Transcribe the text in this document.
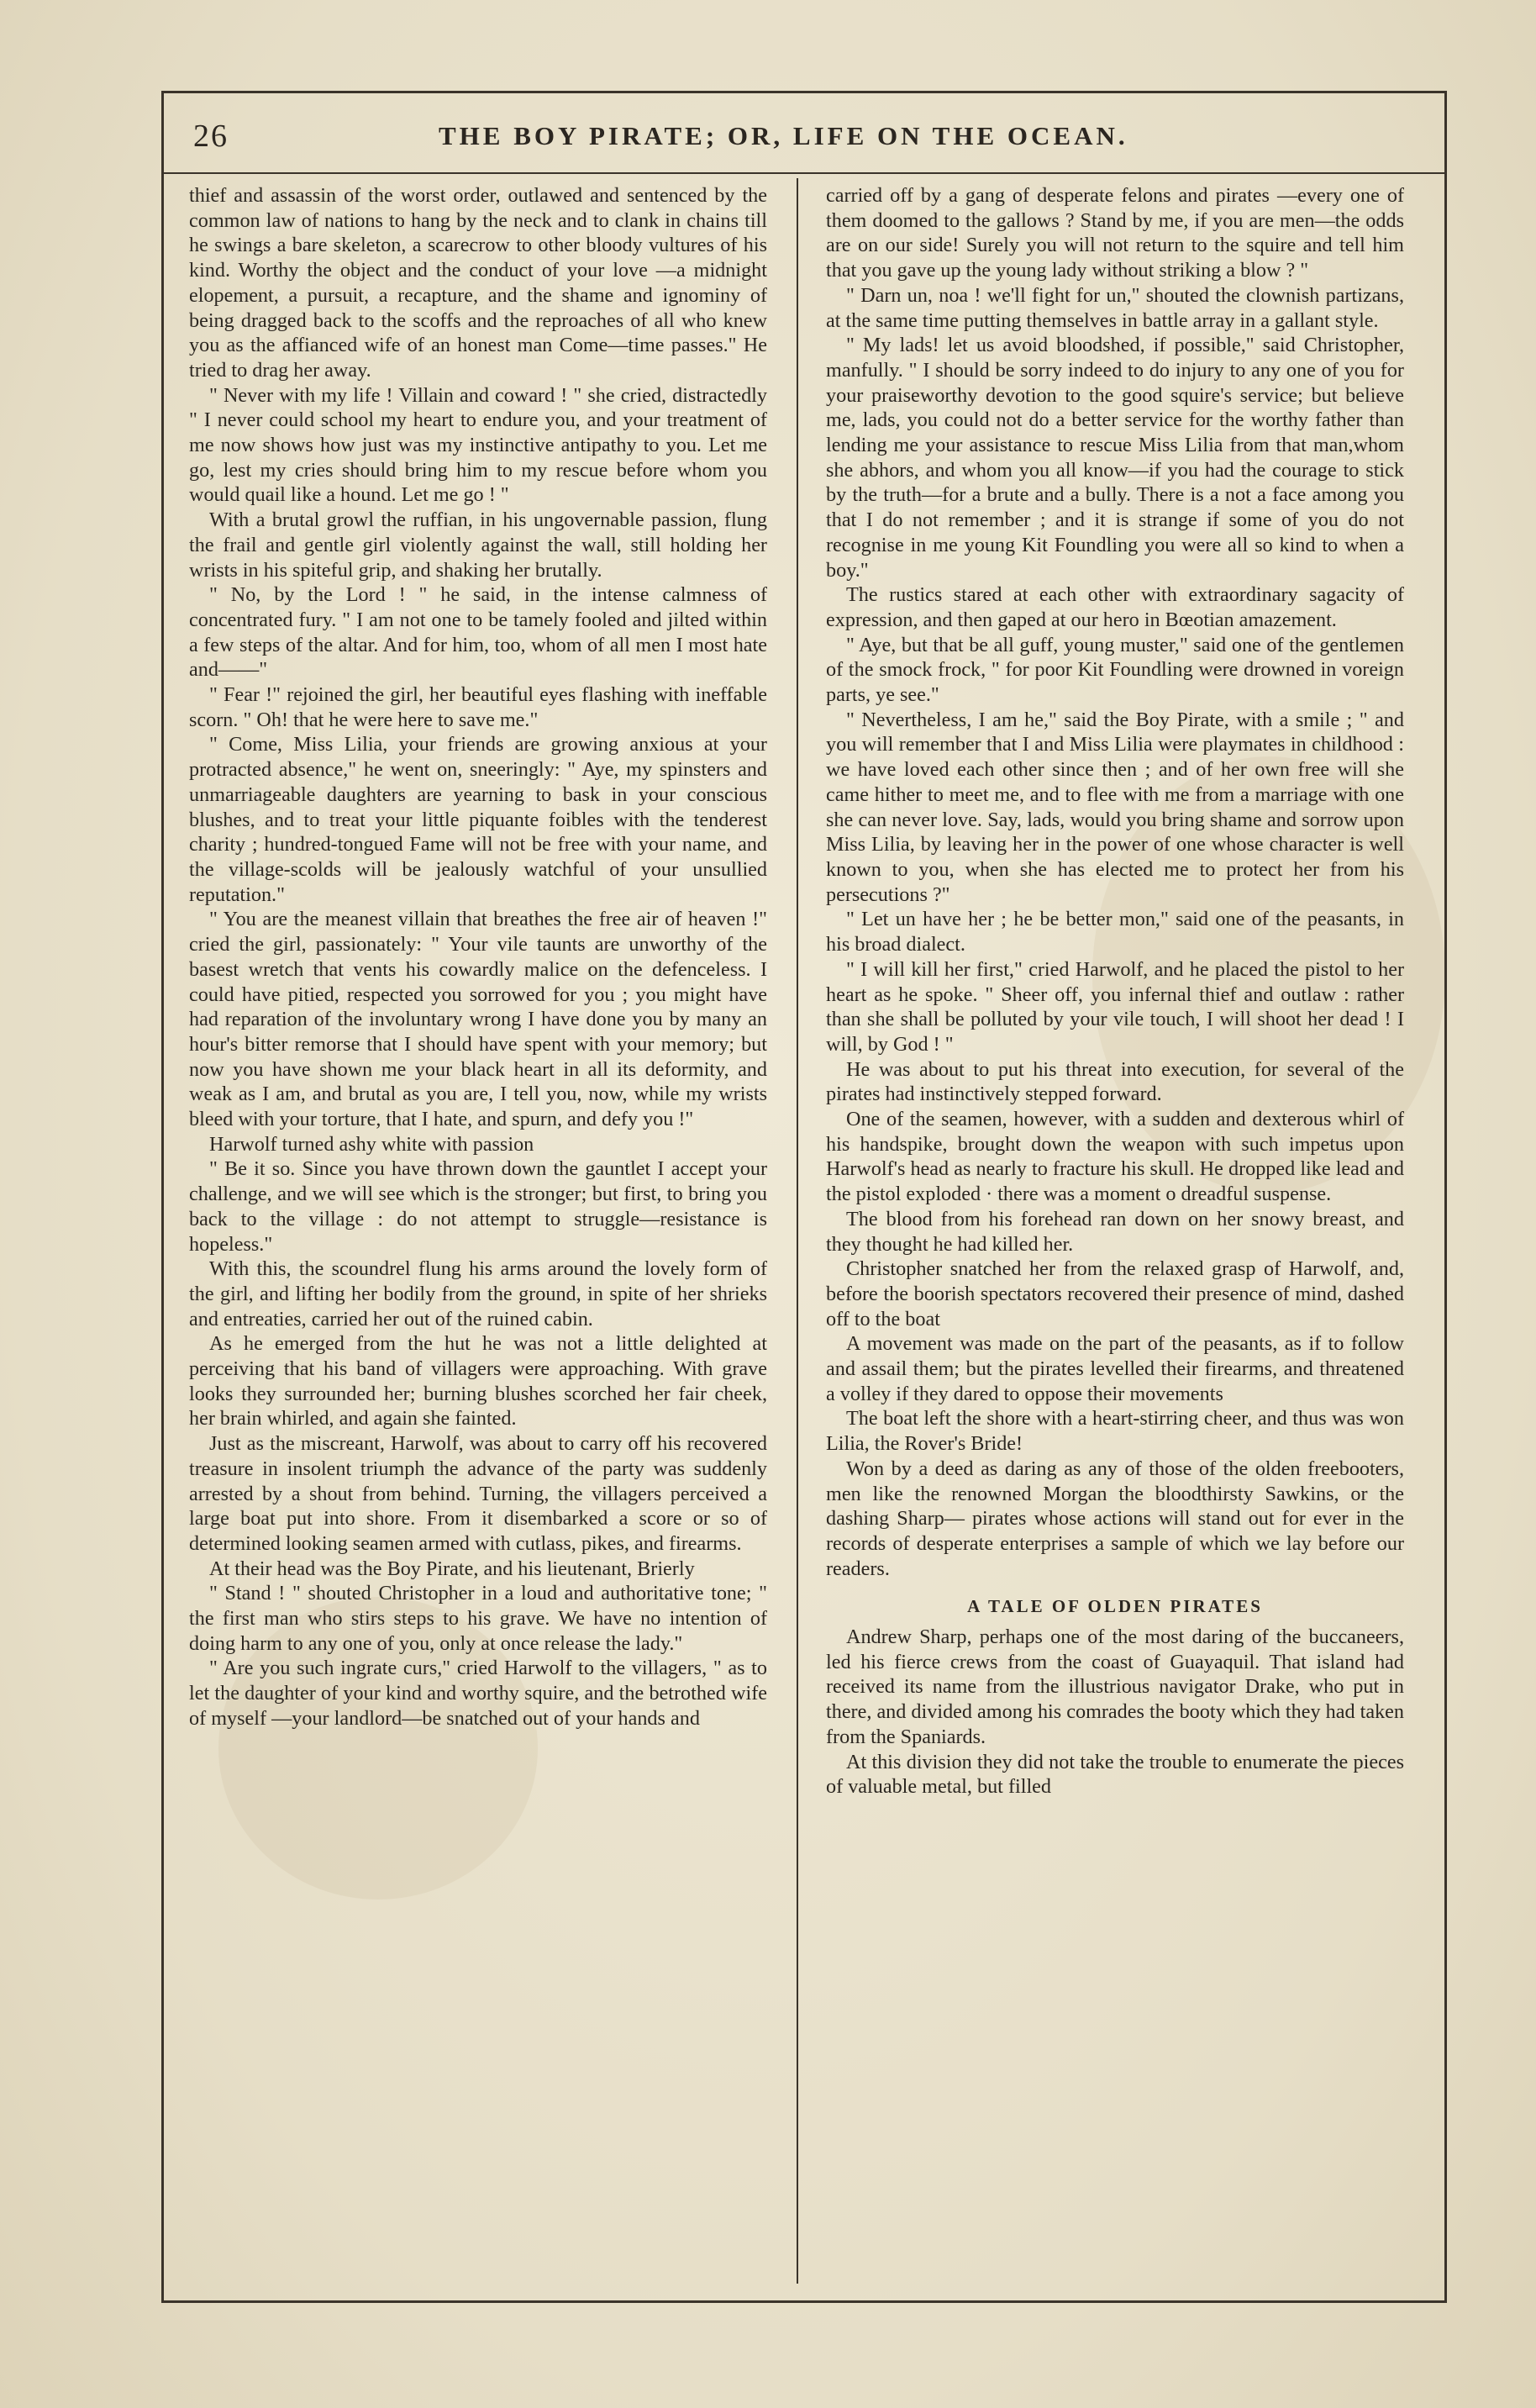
26	THE BOY PIRATE; OR, LIFE ON THE OCEAN.

thief and assassin of the worst order, outlawed and sentenced by the common law of nations to hang by the neck and to clank in chains till he swings a bare skeleton, a scarecrow to other bloody vultures of his kind. Worthy the object and the conduct of your love —a midnight elopement, a pursuit, a recapture, and the shame and ignominy of being dragged back to the scoffs and the reproaches of all who knew you as the affianced wife of an honest man Come—time passes." He tried to drag her away.

" Never with my life ! Villain and coward ! " she cried, distractedly " I never could school my heart to endure you, and your treatment of me now shows how just was my instinctive antipathy to you. Let me go, lest my cries should bring him to my rescue before whom you would quail like a hound. Let me go ! "

With a brutal growl the ruffian, in his ungovernable passion, flung the frail and gentle girl violently against the wall, still holding her wrists in his spiteful grip, and shaking her brutally.

" No, by the Lord ! " he said, in the intense calmness of concentrated fury. " I am not one to be tamely fooled and jilted within a few steps of the altar. And for him, too, whom of all men I most hate and——"

" Fear !" rejoined the girl, her beautiful eyes flashing with ineffable scorn. " Oh! that he were here to save me."

" Come, Miss Lilia, your friends are growing anxious at your protracted absence," he went on, sneeringly: " Aye, my spinsters and unmarriageable daughters are yearning to bask in your conscious blushes, and to treat your little piquante foibles with the tenderest charity ; hundred-tongued Fame will not be free with your name, and the village-scolds will be jealously watchful of your unsullied reputation."

" You are the meanest villain that breathes the free air of heaven !" cried the girl, passionately: " Your vile taunts are unworthy of the basest wretch that vents his cowardly malice on the defenceless. I could have pitied, respected you sorrowed for you ; you might have had reparation of the involuntary wrong I have done you by many an hour's bitter remorse that I should have spent with your memory; but now you have shown me your black heart in all its deformity, and weak as I am, and brutal as you are, I tell you, now, while my wrists bleed with your torture, that I hate, and spurn, and defy you !"

Harwolf turned ashy white with passion

" Be it so. Since you have thrown down the gauntlet I accept your challenge, and we will see which is the stronger; but first, to bring you back to the village : do not attempt to struggle—resistance is hopeless."

With this, the scoundrel flung his arms around the lovely form of the girl, and lifting her bodily from the ground, in spite of her shrieks and entreaties, carried her out of the ruined cabin.

As he emerged from the hut he was not a little delighted at perceiving that his band of villagers were approaching. With grave looks they surrounded her; burning blushes scorched her fair cheek, her brain whirled, and again she fainted.

Just as the miscreant, Harwolf, was about to carry off his recovered treasure in insolent triumph the advance of the party was suddenly arrested by a shout from behind. Turning, the villagers perceived a large boat put into shore. From it disembarked a score or so of determined looking seamen armed with cutlass, pikes, and firearms.

At their head was the Boy Pirate, and his lieutenant, Brierly

" Stand ! " shouted Christopher in a loud and authoritative tone; " the first man who stirs steps to his grave. We have no intention of doing harm to any one of you, only at once release the lady."

" Are you such ingrate curs," cried Harwolf to the villagers, " as to let the daughter of your kind and worthy squire, and the betrothed wife of myself —your landlord—be snatched out of your hands and

carried off by a gang of desperate felons and pirates —every one of them doomed to the gallows ? Stand by me, if you are men—the odds are on our side! Surely you will not return to the squire and tell him that you gave up the young lady without striking a blow ? "

" Darn un, noa ! we'll fight for un," shouted the clownish partizans, at the same time putting themselves in battle array in a gallant style.

" My lads! let us avoid bloodshed, if possible," said Christopher, manfully. " I should be sorry indeed to do injury to any one of you for your praiseworthy devotion to the good squire's service; but believe me, lads, you could not do a better service for the worthy father than lending me your assistance to rescue Miss Lilia from that man,whom she abhors, and whom you all know—if you had the courage to stick by the truth—for a brute and a bully. There is a not a face among you that I do not remember ; and it is strange if some of you do not recognise in me young Kit Foundling you were all so kind to when a boy."

The rustics stared at each other with extraordinary sagacity of expression, and then gaped at our hero in Bœotian amazement.

" Aye, but that be all guff, young muster," said one of the gentlemen of the smock frock, " for poor Kit Foundling were drowned in voreign parts, ye see."

" Nevertheless, I am he," said the Boy Pirate, with a smile ; " and you will remember that I and Miss Lilia were playmates in childhood : we have loved each other since then ; and of her own free will she came hither to meet me, and to flee with me from a marriage with one she can never love. Say, lads, would you bring shame and sorrow upon Miss Lilia, by leaving her in the power of one whose character is well known to you, when she has elected me to protect her from his persecutions ?"

" Let un have her ; he be better mon," said one of the peasants, in his broad dialect.

" I will kill her first," cried Harwolf, and he placed the pistol to her heart as he spoke. " Sheer off, you infernal thief and outlaw : rather than she shall be polluted by your vile touch, I will shoot her dead ! I will, by God ! "

He was about to put his threat into execution, for several of the pirates had instinctively stepped forward.

One of the seamen, however, with a sudden and dexterous whirl of his handspike, brought down the weapon with such impetus upon Harwolf's head as nearly to fracture his skull. He dropped like lead and the pistol exploded · there was a moment o dreadful suspense.

The blood from his forehead ran down on her snowy breast, and they thought he had killed her.

Christopher snatched her from the relaxed grasp of Harwolf, and, before the boorish spectators recovered their presence of mind, dashed off to the boat

A movement was made on the part of the peasants, as if to follow and assail them; but the pirates levelled their firearms, and threatened a volley if they dared to oppose their movements

The boat left the shore with a heart-stirring cheer, and thus was won Lilia, the Rover's Bride!

Won by a deed as daring as any of those of the olden freebooters, men like the renowned Morgan the bloodthirsty Sawkins, or the dashing Sharp— pirates whose actions will stand out for ever in the records of desperate enterprises a sample of which we lay before our readers.

A TALE OF OLDEN PIRATES

Andrew Sharp, perhaps one of the most daring of the buccaneers, led his fierce crews from the coast of Guayaquil. That island had received its name from the illustrious navigator Drake, who put in there, and divided among his comrades the booty which they had taken from the Spaniards.

At this division they did not take the trouble to enumerate the pieces of valuable metal, but filled
